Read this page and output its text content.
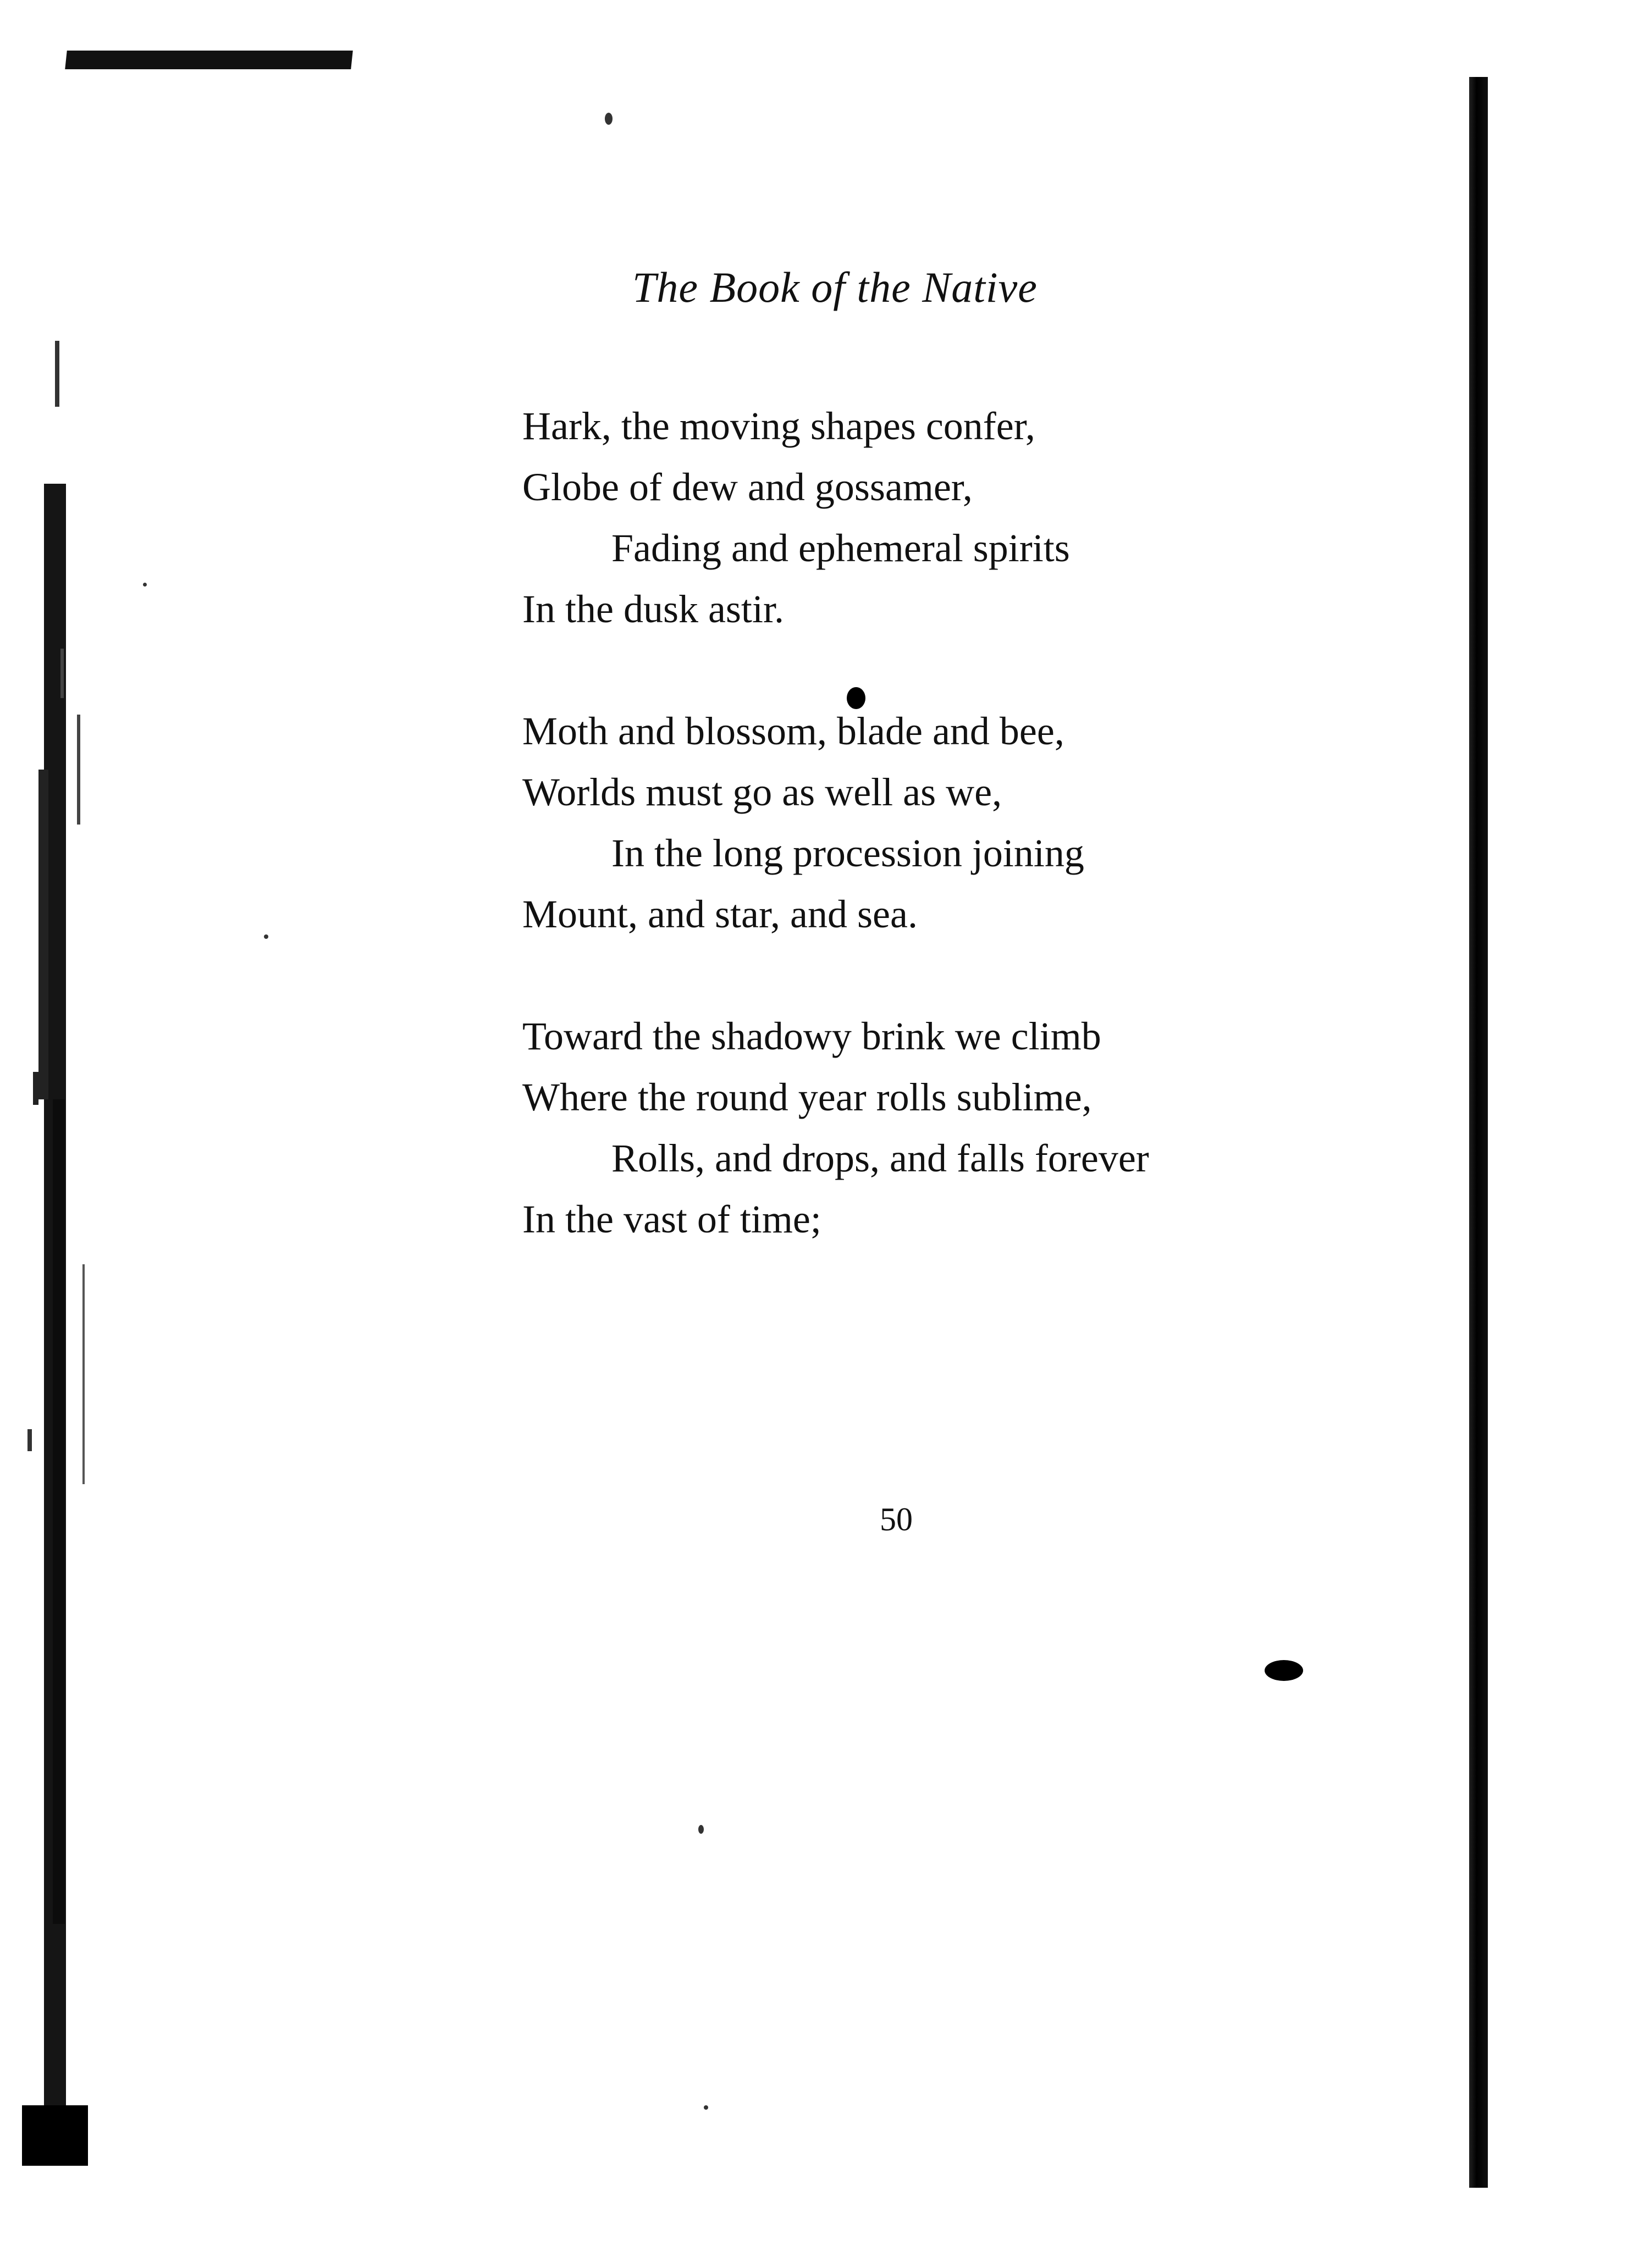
The Book of the Native
Hark, the moving shapes confer,
Globe of dew and gossamer,
Fading and ephemeral spirits
In the dusk astir.
Moth and blossom, blade and bee,
Worlds must go as well as we,
In the long procession joining
Mount, and star, and sea.
Toward the shadowy brink we climb
Where the round year rolls sublime,
Rolls, and drops, and falls forever
In the vast of time;
50
